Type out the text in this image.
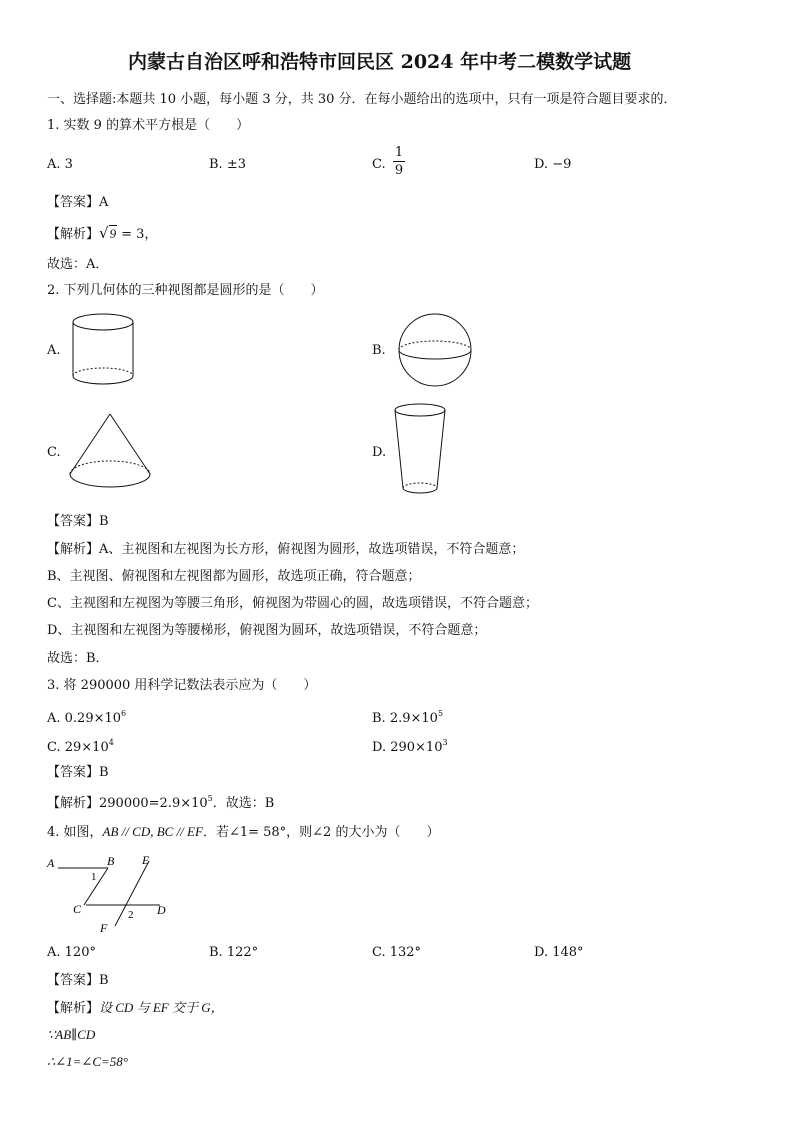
内蒙古自治区呼和浩特市回民区 2024 年中考二模数学试题
一、选择题:本题共 10 小题，每小题 3 分，共 30 分．在每小题给出的选项中，只有一项是符合题目要求的．
1. 实数 9 的算术平方根是（　　）
A. 3	B. ±3	C.
1
9	D. −9
【答案】A
【解析】√9 = 3，
故选：A．
2. 下列几何体的三种视图都是圆形的是（　　）
A.	B.
C.	D.
【答案】B
【解析】A、主视图和左视图为长方形，俯视图为圆形，故选项错误，不符合题意；
B、主视图、俯视图和左视图都为圆形，故选项正确，符合题意；
C、主视图和左视图为等腰三角形，俯视图为带圆心的圆，故选项错误，不符合题意；
D、主视图和左视图为等腰梯形，俯视图为圆环，故选项错误，不符合题意；
故选：B．
3. 将 290000 用科学记数法表示应为（　　）
A. $0.29\times 10^6$	B. $2.9\times 10^5$
C. $29\times 10^4$	D. $290\times 10^3$
【答案】B
【解析】$290000=2.9\times 10^5$．故选：B
4. 如图，AB // CD, BC // EF．若∠1= 58°，则∠2 的大小为（　　）
A	B E
1
C	2 D
F
A. 120°	B. 122°	C. 132°	D. 148°
【答案】B
【解析】设 CD 与 EF 交于 G，
∵AB∥CD
∴∠1=∠C=58°
